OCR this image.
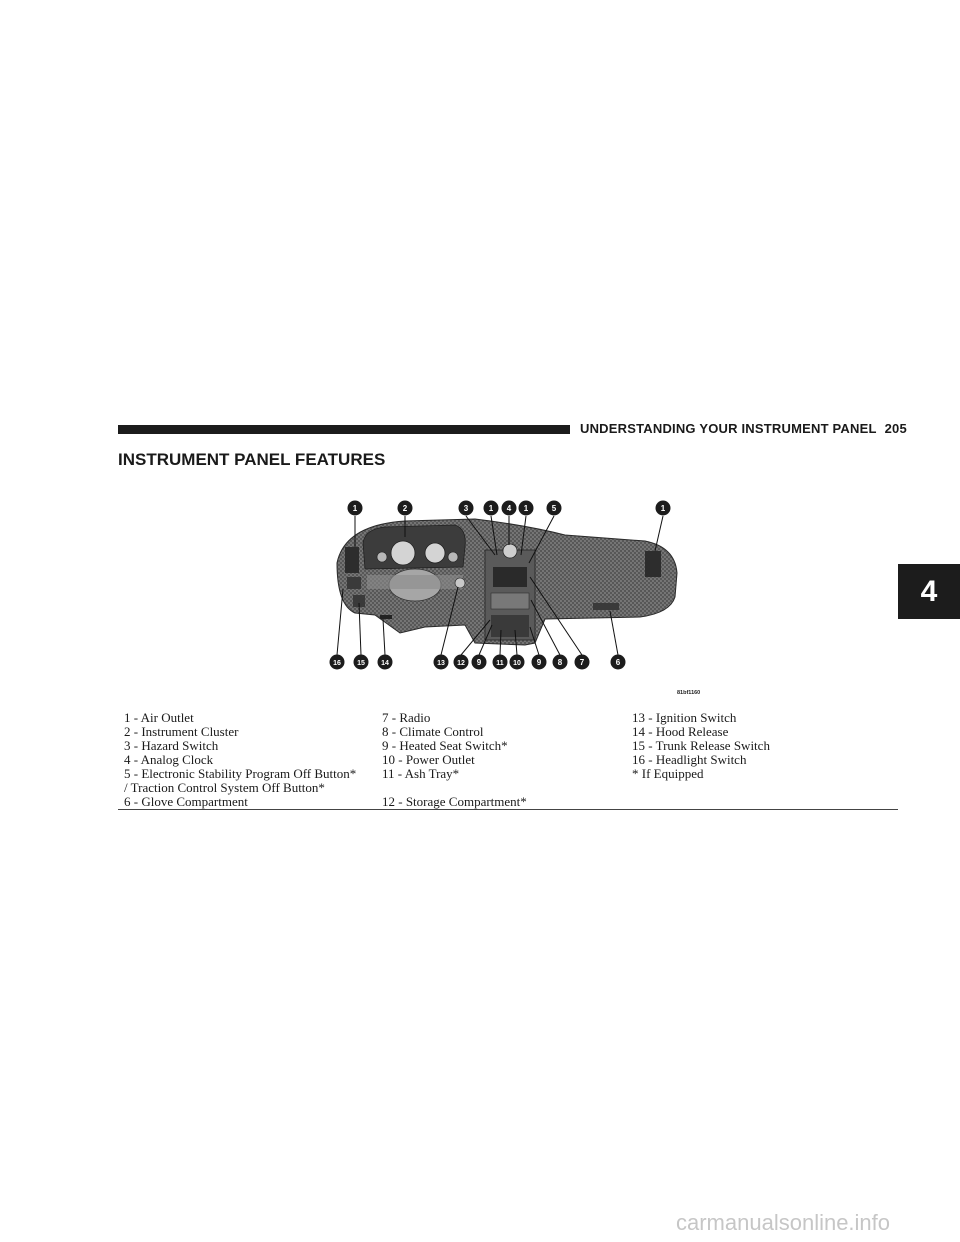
UNDERSTANDING YOUR INSTRUMENT PANEL 205
INSTRUMENT PANEL FEATURES
4
1	2	3	1 4 1	5	1
16 15 14	13 12 9 11 10 9 8 7	6
81bf1160
1 - Air Outlet
2 - Instrument Cluster
3 - Hazard Switch
4 - Analog Clock
5 - Electronic Stability Program Off Button*
/ Traction Control System Off Button*
6 - Glove Compartment
7 - Radio
8 - Climate Control
9 - Heated Seat Switch*
10 - Power Outlet
11 - Ash Tray*
12 - Storage Compartment*
13 - Ignition Switch
14 - Hood Release
15 - Trunk Release Switch
16 - Headlight Switch
* If Equipped
carmanualsonline.info
